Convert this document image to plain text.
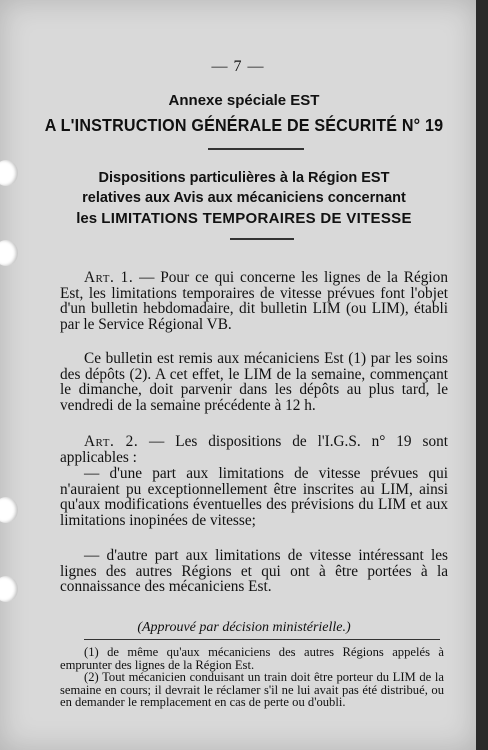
— 7 —
Annexe spéciale EST
A L'INSTRUCTION GÉNÉRALE DE SÉCURITÉ N° 19
Dispositions particulières à la Région EST
relatives aux Avis aux mécaniciens concernant
les LIMITATIONS TEMPORAIRES DE VITESSE

Art. 1. — Pour ce qui concerne les lignes de la Région Est, les limitations temporaires de vitesse prévues font l'objet d'un bulletin hebdomadaire, dit bulletin LIM (ou LIM), établi par le Service Régional VB.

Ce bulletin est remis aux mécaniciens Est (1) par les soins des dépôts (2). A cet effet, le LIM de la semaine, commençant le dimanche, doit parvenir dans les dépôts au plus tard, le vendredi de la semaine précédente à 12 h.

Art. 2. — Les dispositions de l'I.G.S. n° 19 sont applicables :

— d'une part aux limitations de vitesse prévues qui n'auraient pu exceptionnellement être inscrites au LIM, ainsi qu'aux modifications éventuelles des prévisions du LIM et aux limitations inopinées de vitesse;

— d'autre part aux limitations de vitesse intéressant les lignes des autres Régions et qui ont à être portées à la connaissance des mécaniciens Est.

(Approuvé par décision ministérielle.)

(1) de même qu'aux mécaniciens des autres Régions appelés à emprunter des lignes de la Région Est.

(2) Tout mécanicien conduisant un train doit être porteur du LIM de la semaine en cours; il devrait le réclamer s'il ne lui avait pas été distribué, ou en demander le remplacement en cas de perte ou d'oubli.
